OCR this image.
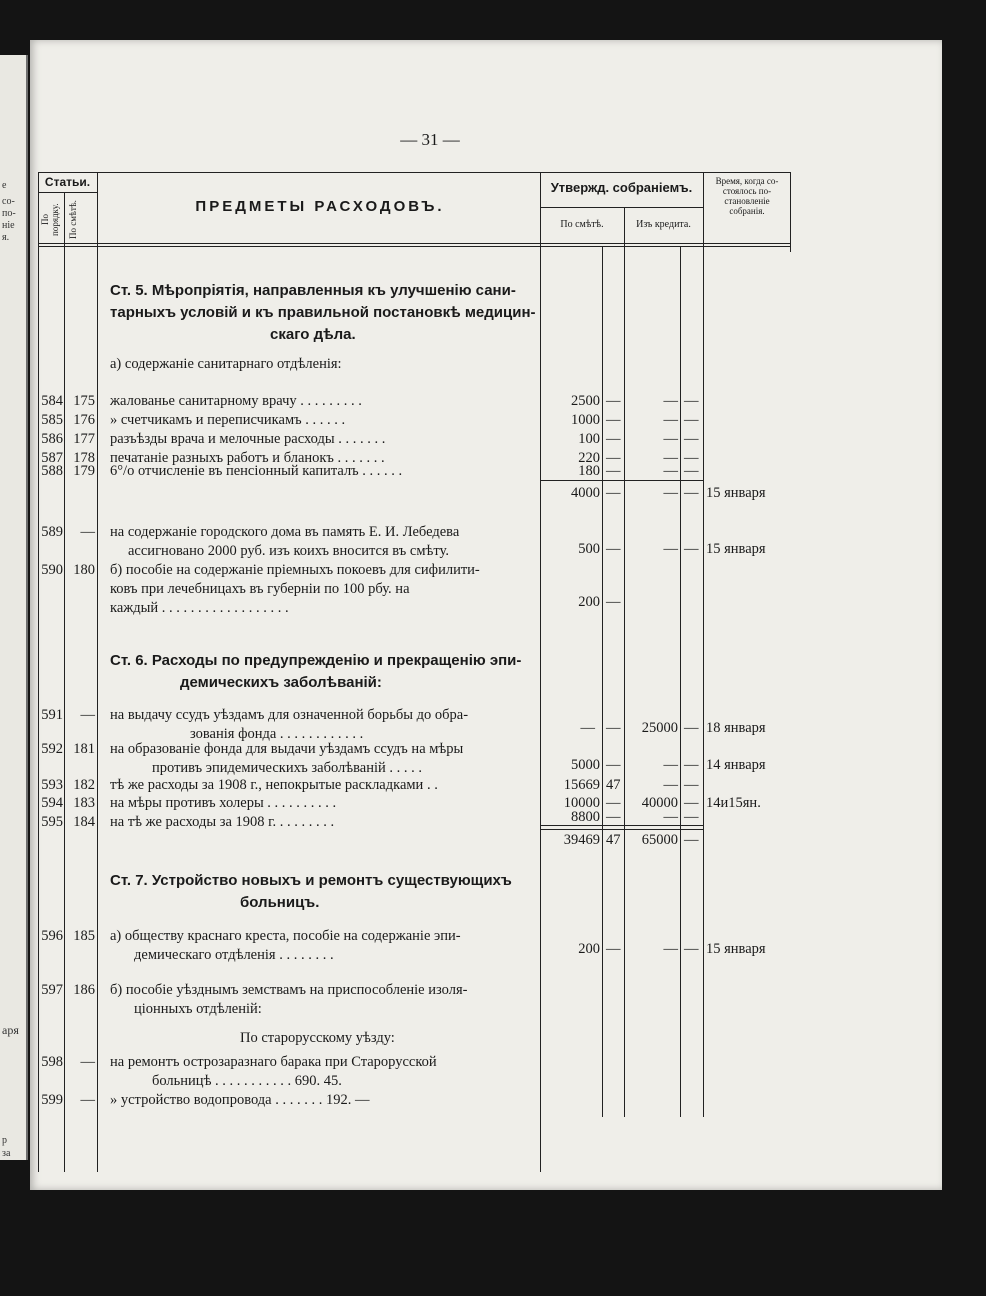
е
со-
по-
ніе
я.
аря
р
за
— 31 —
Статьи.
По порядку. По смѣтѣ.	ПРЕДМЕТЫ РАСХОДОВЪ.
Утвержд. собраніемъ.
По смѣтѣ.	Изъ кредита.
Время, когда со-стоялось по-становленіе собранія.
Ст. 5. Мѣропріятія, направленныя къ улучшенію сани-
тарныхъ условій и къ правильной постановкѣ медицин-
скаго дѣла.
а) содержаніе санитарнаго отдѣленія:
584 175 жалованье санитарному врачу . . . . . . . . .	2500 —	— —
585 176 » счетчикамъ и переписчикамъ . . . . . .	1000 —	— —
586 177 разъѣзды врача и мелочные расходы . . . . . . .	100 —	— —
587 178 печатаніе разныхъ работъ и бланокъ . . . . . . .	220 —	— —
588 179 6°/о отчисленіе въ пенсіонный капиталъ . . . . . .	180 —	— —
4000 —	— — 15 января
589	— на содержаніе городского дома въ память Е. И. Лебедева
ассигновано 2000 руб. изъ коихъ вносится въ смѣту.	500 —	— — 15 января
590 180 б) пособіе на содержаніе пріемныхъ покоевъ для сифилити-
ковъ при лечебницахъ въ губерніи по 100 рбу. на
каждый . . . . . . . . . . . . . . . . . .	200 —
Ст. 6. Расходы по предупрежденію и прекращенію эпи-
демическихъ заболѣваній:
591	— на выдачу ссудъ уѣздамъ для означенной борьбы до обра-
зованія фонда . . . . . . . . . . . .	— —	25000 — 18 января
592 181 на образованіе фонда для выдачи уѣздамъ ссудъ на мѣры
противъ эпидемическихъ заболѣваній . . . . .	5000 —	— — 14 января
593 182 тѣ же расходы за 1908 г., непокрытые раскладками . .	15669 47	— —
594 183 на мѣры противъ холеры . . . . . . . . . .	10000 —	40000 — 14и15ян.
595 184 на тѣ же расходы за 1908 г. . . . . . . . .	8800 —	— —
39469 47	65000 —
Ст. 7. Устройство новыхъ и ремонтъ существующихъ
больницъ.
596 185 а) обществу краснаго креста, пособіе на содержаніе эпи-
демическаго отдѣленія . . . . . . . .	200 —	— — 15 января
597 186 б) пособіе уѣзднымъ земствамъ на приспособленіе изоля-
ціонныхъ отдѣленій:
По старорусскому уѣзду:
598	— на ремонтъ острозаразнаго барака при Старорусской
больницѣ . . . . . . . . . . . 690. 45.
599	— » устройство водопровода . . . . . . . 192. —
